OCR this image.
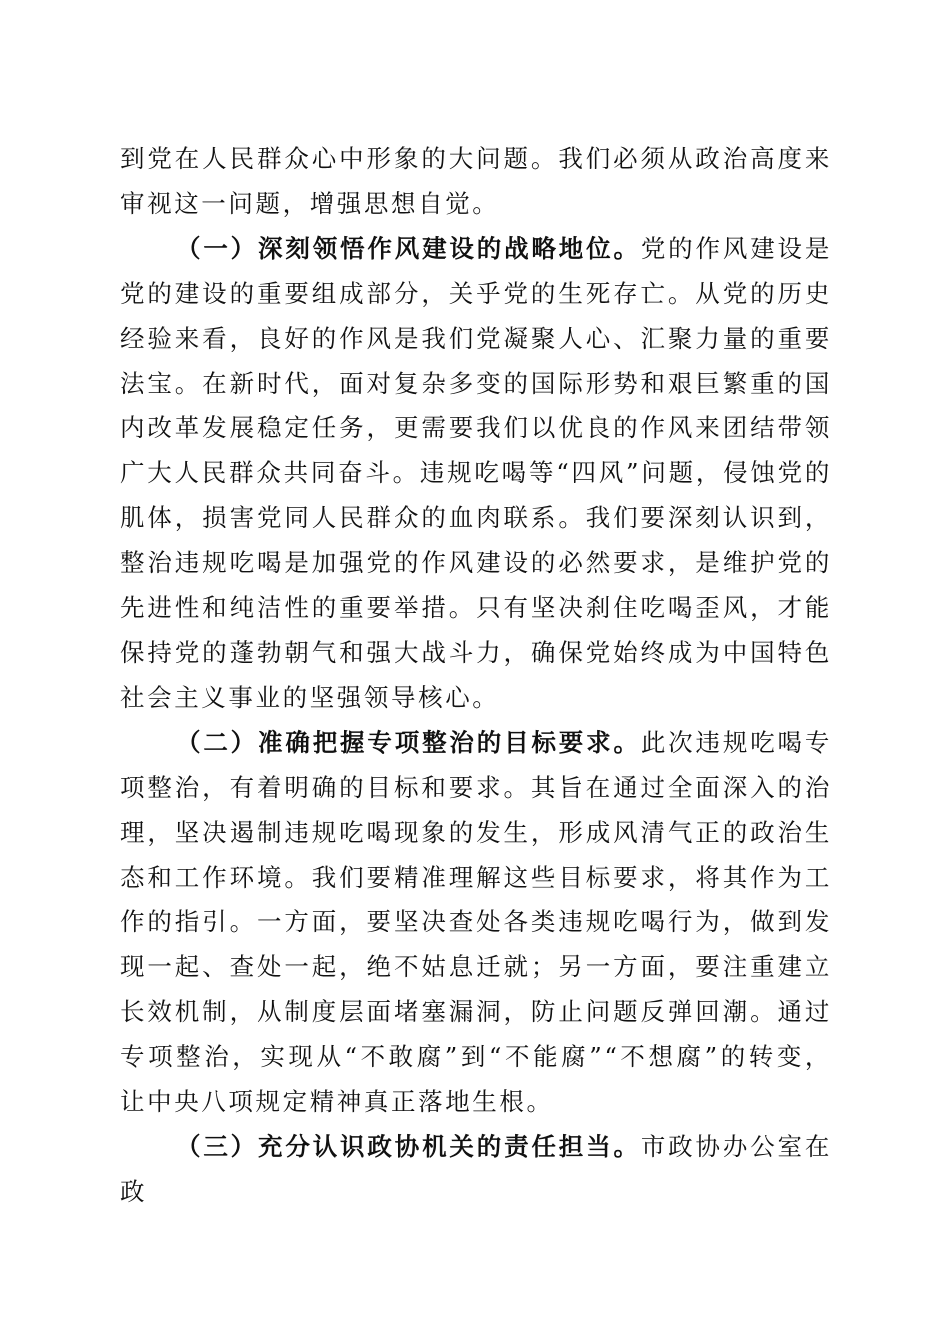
到党在人民群众心中形象的大问题。我们必须从政治高度来审视这一问题，增强思想自觉。

（一）深刻领悟作风建设的战略地位。党的作风建设是党的建设的重要组成部分，关乎党的生死存亡。从党的历史经验来看，良好的作风是我们党凝聚人心、汇聚力量的重要法宝。在新时代，面对复杂多变的国际形势和艰巨繁重的国内改革发展稳定任务，更需要我们以优良的作风来团结带领广大人民群众共同奋斗。违规吃喝等“四风”问题，侵蚀党的肌体，损害党同人民群众的血肉联系。我们要深刻认识到，整治违规吃喝是加强党的作风建设的必然要求，是维护党的先进性和纯洁性的重要举措。只有坚决刹住吃喝歪风，才能保持党的蓬勃朝气和强大战斗力，确保党始终成为中国特色社会主义事业的坚强领导核心。

（二）准确把握专项整治的目标要求。此次违规吃喝专项整治，有着明确的目标和要求。其旨在通过全面深入的治理，坚决遏制违规吃喝现象的发生，形成风清气正的政治生态和工作环境。我们要精准理解这些目标要求，将其作为工作的指引。一方面，要坚决查处各类违规吃喝行为，做到发现一起、查处一起，绝不姑息迁就；另一方面，要注重建立长效机制，从制度层面堵塞漏洞，防止问题反弹回潮。通过专项整治，实现从“不敢腐”到“不能腐”“不想腐”的转变，让中央八项规定精神真正落地生根。

（三）充分认识政协机关的责任担当。市政协办公室在政
